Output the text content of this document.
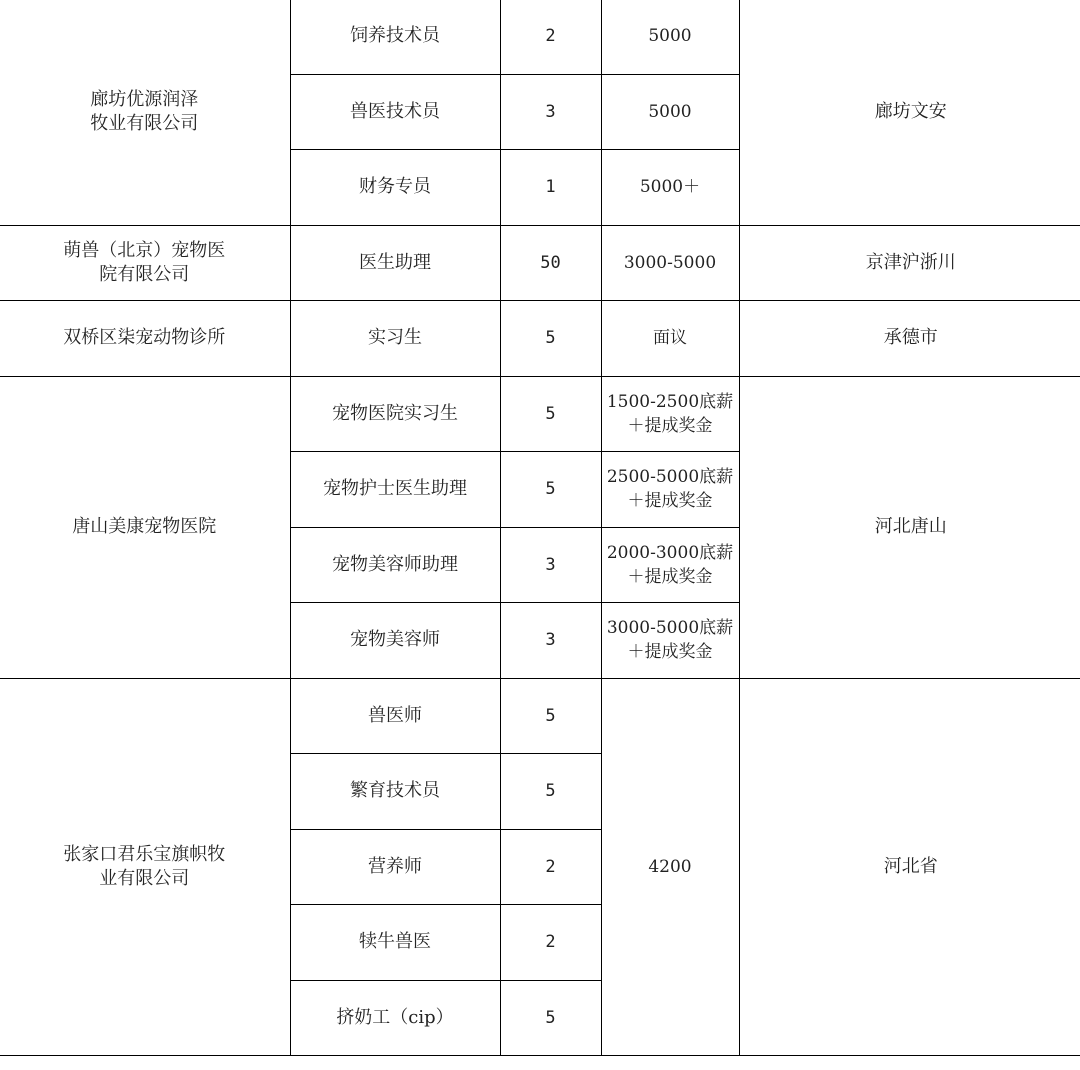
廊坊优源润泽
牧业有限公司	饲养技术员	2	5000	廊坊文安
	兽医技术员	3	5000	
	财务专员	1	5000＋	
萌兽（北京）宠物医
院有限公司	医生助理	50	3000-5000	京津沪浙川
双桥区柒宠动物诊所	实习生	5	面议	承德市
唐山美康宠物医院	宠物医院实习生	5	1500-2500底薪
＋提成奖金	河北唐山
	宠物护士医生助理	5	2500-5000底薪
＋提成奖金	
	宠物美容师助理	3	2000-3000底薪
＋提成奖金	
	宠物美容师	3	3000-5000底薪
＋提成奖金	
张家口君乐宝旗帜牧
业有限公司	兽医师	5	4200	河北省
	繁育技术员	5		
	营养师	2		
	犊牛兽医	2		
	挤奶工（cip）	5		
